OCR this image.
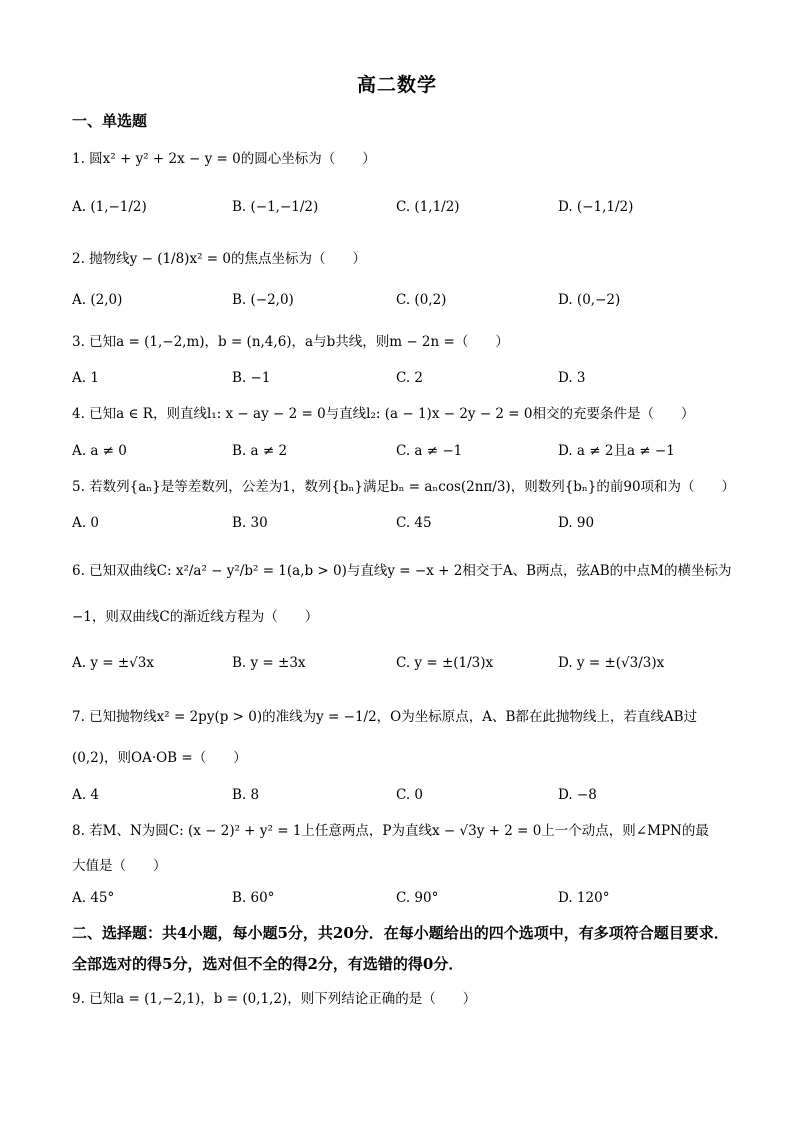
高二数学
一、单选题
1. 圆x² + y² + 2x − y = 0的圆心坐标为（　　）
A. (1,−1/2)	B. (−1,−1/2)	C. (1,1/2)	D. (−1,1/2)
2. 抛物线y − (1/8)x² = 0的焦点坐标为（　　）
A. (2,0)	B. (−2,0)	C. (0,2)	D. (0,−2)
3. 已知a = (1,−2,m)，b = (n,4,6)，a与b共线，则m − 2n =（　　）
A. 1	B. −1	C. 2	D. 3
4. 已知a ∈ R，则直线l₁: x − ay − 2 = 0与直线l₂: (a − 1)x − 2y − 2 = 0相交的充要条件是（　　）
A. a ≠ 0	B. a ≠ 2	C. a ≠ −1	D. a ≠ 2且a ≠ −1
5. 若数列{aₙ}是等差数列，公差为1，数列{bₙ}满足bₙ = aₙcos(2nπ/3)，则数列{bₙ}的前90项和为（　　）
A. 0	B. 30	C. 45	D. 90
6. 已知双曲线C: x²/a² − y²/b² = 1(a,b > 0)与直线y = −x + 2相交于A、B两点，弦AB的中点M的横坐标为
−1，则双曲线C的渐近线方程为（　　）
A. y = ±√3x	B. y = ±3x	C. y = ±(1/3)x	D. y = ±(√3/3)x
7. 已知抛物线x² = 2py(p > 0)的准线为y = −1/2，O为坐标原点，A、B都在此抛物线上，若直线AB过
(0,2)，则OA·OB =（　　）
A. 4	B. 8	C. 0	D. −8
8. 若M、N为圆C: (x − 2)² + y² = 1上任意两点，P为直线x − √3y + 2 = 0上一个动点，则∠MPN的最
大值是（　　）
A. 45°	B. 60°	C. 90°	D. 120°
二、选择题：共4小题，每小题5分，共20分．在每小题给出的四个选项中，有多项符合题目要求．全部选对的得5分，选对但不全的得2分，有选错的得0分．
9. 已知a = (1,−2,1)，b = (0,1,2)，则下列结论正确的是（　　）
